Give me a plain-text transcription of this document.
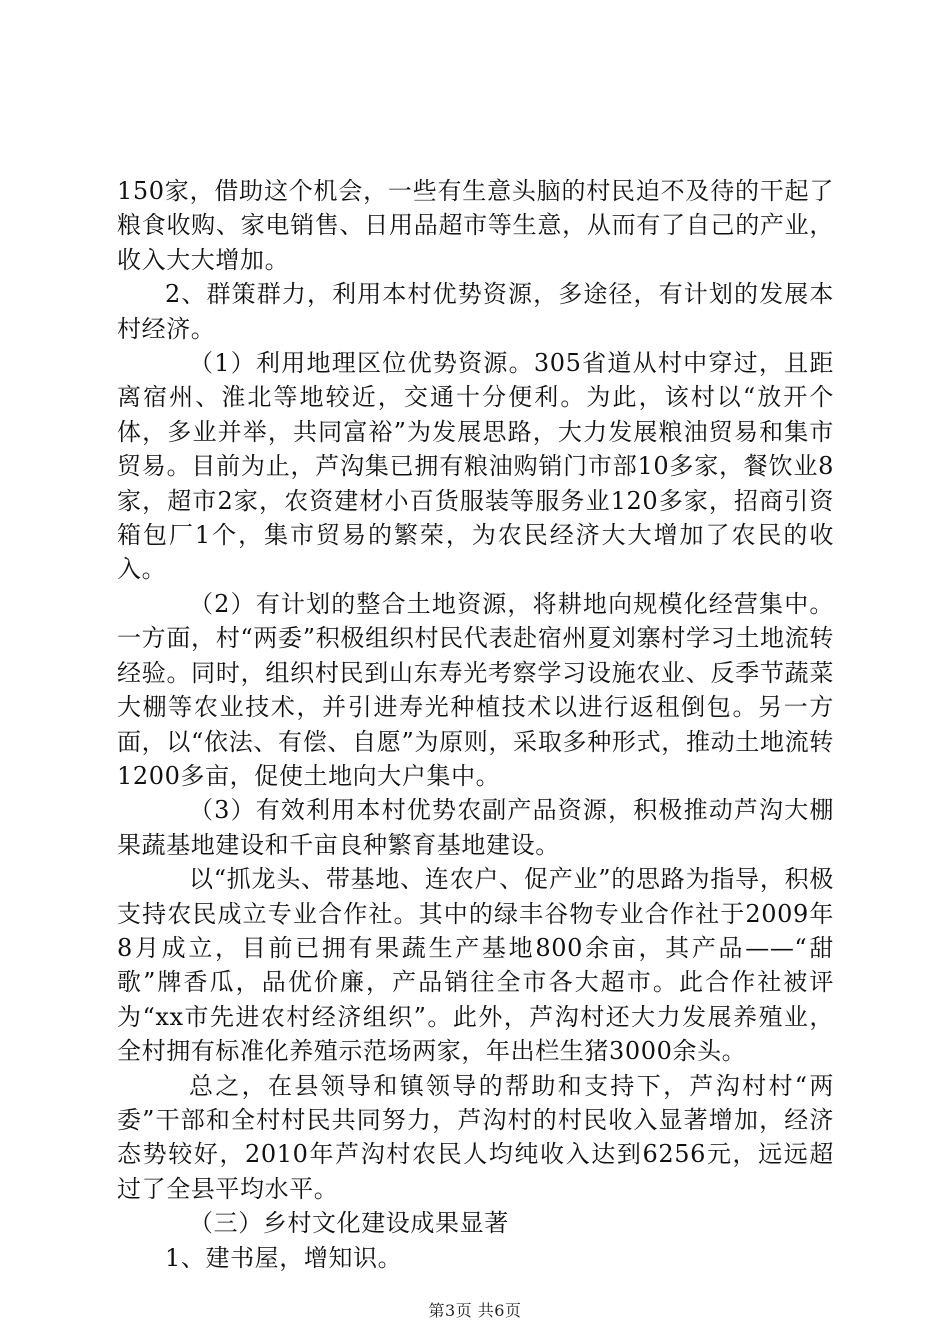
150家，借助这个机会，一些有生意头脑的村民迫不及待的干起了粮食收购、家电销售、日用品超市等生意，从而有了自己的产业，收入大大增加。

2、群策群力，利用本村优势资源，多途径，有计划的发展本村经济。

（1）利用地理区位优势资源。305省道从村中穿过，且距离宿州、淮北等地较近，交通十分便利。为此，该村以“放开个体，多业并举，共同富裕”为发展思路，大力发展粮油贸易和集市贸易。目前为止，芦沟集已拥有粮油购销门市部10多家，餐饮业8家，超市2家，农资建材小百货服装等服务业120多家，招商引资箱包厂1个，集市贸易的繁荣，为农民经济大大增加了农民的收入。

（2）有计划的整合土地资源，将耕地向规模化经营集中。一方面，村“两委”积极组织村民代表赴宿州夏刘寨村学习土地流转经验。同时，组织村民到山东寿光考察学习设施农业、反季节蔬菜大棚等农业技术，并引进寿光种植技术以进行返租倒包。另一方面，以“依法、有偿、自愿”为原则，采取多种形式，推动土地流转1200多亩，促使土地向大户集中。

（3）有效利用本村优势农副产品资源，积极推动芦沟大棚果蔬基地建设和千亩良种繁育基地建设。

以“抓龙头、带基地、连农户、促产业”的思路为指导，积极支持农民成立专业合作社。其中的绿丰谷物专业合作社于2009年8月成立，目前已拥有果蔬生产基地800余亩，其产品——“甜歌”牌香瓜，品优价廉，产品销往全市各大超市。此合作社被评为“xx市先进农村经济组织”。此外，芦沟村还大力发展养殖业，全村拥有标准化养殖示范场两家，年出栏生猪3000余头。

总之，在县领导和镇领导的帮助和支持下，芦沟村村“两委”干部和全村村民共同努力，芦沟村的村民收入显著增加，经济态势较好，2010年芦沟村农民人均纯收入达到6256元，远远超过了全县平均水平。

（三）乡村文化建设成果显著

1、建书屋，增知识。

第3页 共6页
